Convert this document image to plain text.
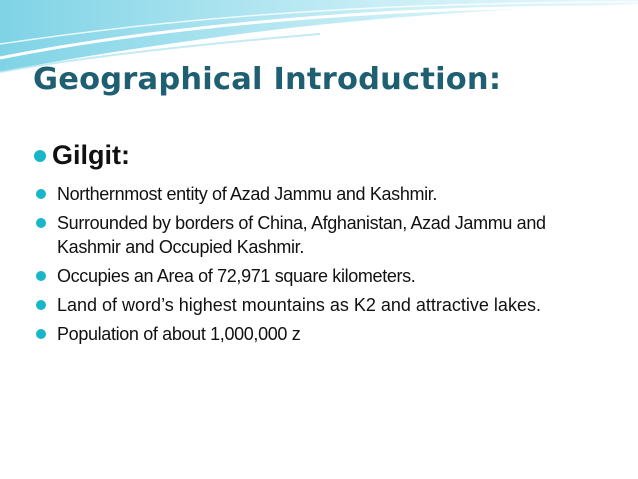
Geographical Introduction:
Gilgit:
Northernmost entity of Azad Jammu and Kashmir.
Surrounded by borders of China, Afghanistan, Azad Jammu and Kashmir and Occupied Kashmir.
Occupies an Area of 72,971 square kilometers.
Land of word’s highest mountains as K2 and attractive lakes.
Population of about 1,000,000 z
